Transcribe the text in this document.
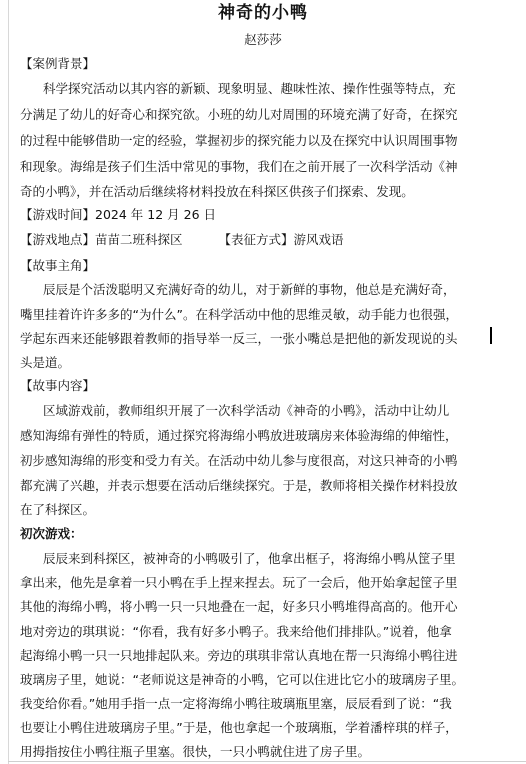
神奇的小鸭
赵莎莎
【案例背景】
科学探究活动以其内容的新颖、现象明显、趣味性浓、操作性强等特点，充
分满足了幼儿的好奇心和探究欲。小班的幼儿对周围的环境充满了好奇，在探究
的过程中能够借助一定的经验，掌握初步的探究能力以及在探究中认识周围事物
和现象。海绵是孩子们生活中常见的事物，我们在之前开展了一次科学活动《神
奇的小鸭》，并在活动后继续将材料投放在科探区供孩子们探索、发现。
【游戏时间】2024 年 12 月 26 日
【游戏地点】苗苗二班科探区	【表征方式】游风戏语
【故事主角】
辰辰是个活泼聪明又充满好奇的幼儿，对于新鲜的事物，他总是充满好奇，
嘴里挂着许许多多的“为什么”。在科学活动中他的思维灵敏，动手能力也很强，
学起东西来还能够跟着教师的指导举一反三，一张小嘴总是把他的新发现说的头
头是道。
【故事内容】
区域游戏前，教师组织开展了一次科学活动《神奇的小鸭》，活动中让幼儿
感知海绵有弹性的特质，通过探究将海绵小鸭放进玻璃房来体验海绵的伸缩性，
初步感知海绵的形变和受力有关。在活动中幼儿参与度很高，对这只神奇的小鸭
都充满了兴趣，并表示想要在活动后继续探究。于是，教师将相关操作材料投放
在了科探区。
初次游戏：
辰辰来到科探区，被神奇的小鸭吸引了，他拿出框子，将海绵小鸭从筐子里
拿出来，他先是拿着一只小鸭在手上捏来捏去。玩了一会后，他开始拿起筐子里
其他的海绵小鸭，将小鸭一只一只地叠在一起，好多只小鸭堆得高高的。他开心
地对旁边的琪琪说：“你看，我有好多小鸭子。我来给他们排排队。”说着，他拿
起海绵小鸭一只一只地排起队来。旁边的琪琪非常认真地在帮一只海绵小鸭往进
玻璃房子里，她说：“老师说这是神奇的小鸭，它可以住进比它小的玻璃房子里。
我变给你看。”她用手指一点一定将海绵小鸭往玻璃瓶里塞，辰辰看到了说：“我
也要让小鸭住进玻璃房子里。”于是，他也拿起一个玻璃瓶，学着潘梓琪的样子，
用拇指按住小鸭往瓶子里塞。很快，一只小鸭就住进了房子里。
